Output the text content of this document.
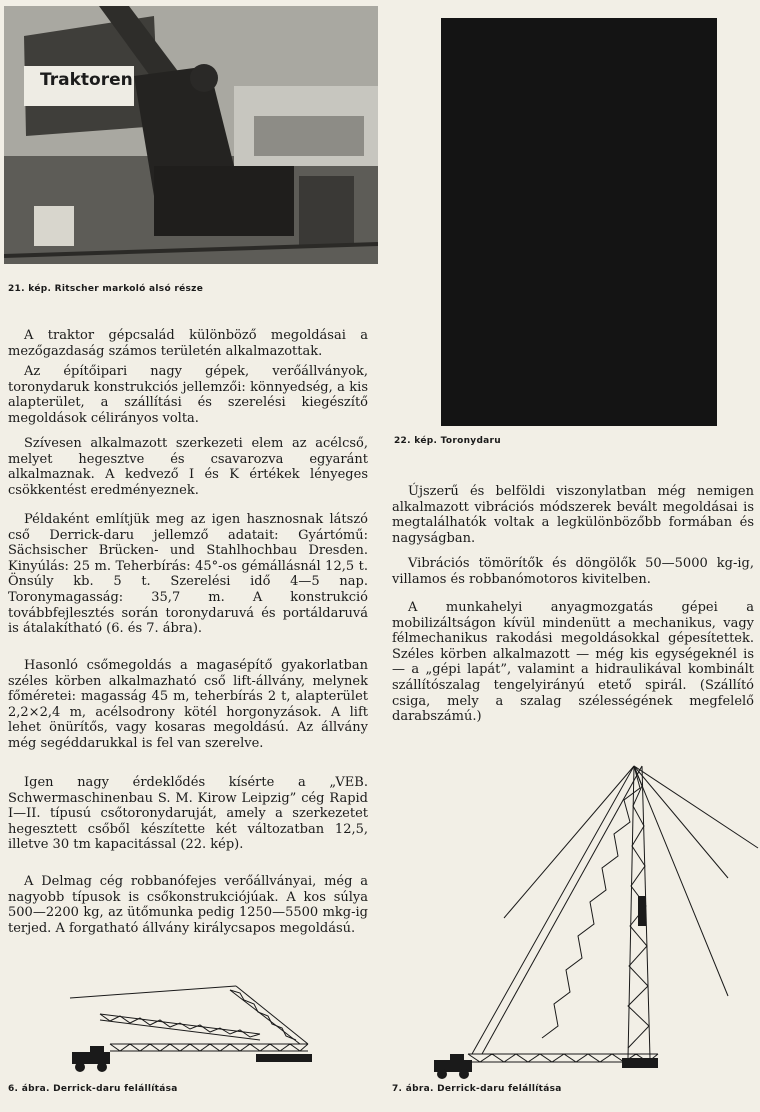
Traktoren
21. kép. Ritscher markoló alsó része
22. kép. Toronydaru

A traktor gépcsalád különböző megoldásai a mezőgazdaság számos területén alkalmazottak.

Az építőipari nagy gépek, verőállványok, toronydaruk konstrukciós jellemzői: könnyedség, a kis alapterület, a szállítási és szerelési kiegészítő megoldások célirányos volta.

Szívesen alkalmazott szerkezeti elem az acélcső, melyet hegesztve és csavarozva egyaránt alkalmaznak. A kedvező I és K értékek lényeges csökkentést eredményeznek.

Példaként említjük meg az igen hasznosnak látszó cső Derrick-daru jellemző adatait: Gyártómű: Sächsischer Brücken- und Stahlhochbau Dresden. Kinyúlás: 25 m. Teherbírás: 45°-os gémállásnál 12,5 t. Önsúly kb. 5 t. Szerelési idő 4—5 nap. Toronymagasság: 35,7 m. A konstrukció továbbfejlesztés során toronydaruvá és portáldaruvá is átalakítható (6. és 7. ábra).

Hasonló csőmegoldás a magasépítő gyakorlatban széles körben alkalmazható cső lift-állvány, melynek főméretei: magasság 45 m, teherbírás 2 t, alapterület 2,2×2,4 m, acélsodrony kötél horgonyzások. A lift lehet önürítős, vagy kosaras megoldású. Az állvány még segéddarukkal is fel van szerelve.

Igen nagy érdeklődés kísérte a „VEB. Schwermaschinenbau S. M. Kirow Leipzig” cég Rapid I—II. típusú csőtoronydaruját, amely a szerkezetet hegesztett csőből készítette két változatban 12,5, illetve 30 tm kapacitással (22. kép).

A Delmag cég robbanófejes verőállványai, még a nagyobb típusok is csőkonstrukciójúak. A kos súlya 500—2200 kg, az ütőmunka pedig 1250—5500 mkg-ig terjed. A forgatható állvány királycsapos megoldású.

Újszerű és belföldi viszonylatban még nemigen alkalmazott vibrációs módszerek bevált megoldásai is megtalálhatók voltak a legkülönbözőbb formában és nagyságban.

Vibrációs tömörítők és döngölők 50—5000 kg-ig, villamos és robbanómotoros kivitelben.

A munkahelyi anyagmozgatás gépei a mobilizáltságon kívül mindenütt a mechanikus, vagy félmechanikus rakodási megoldásokkal gépesítettek. Széles körben alkalmazott — még kis egységeknél is — a „gépi lapát”, valamint a hidraulikával kombinált szállítószalag tengelyirányú etető spirál. (Szállító csiga, mely a szalag szélességének megfelelő darabszámú.)

6. ábra. Derrick-daru felállítása	7. ábra. Derrick-daru felállítása
